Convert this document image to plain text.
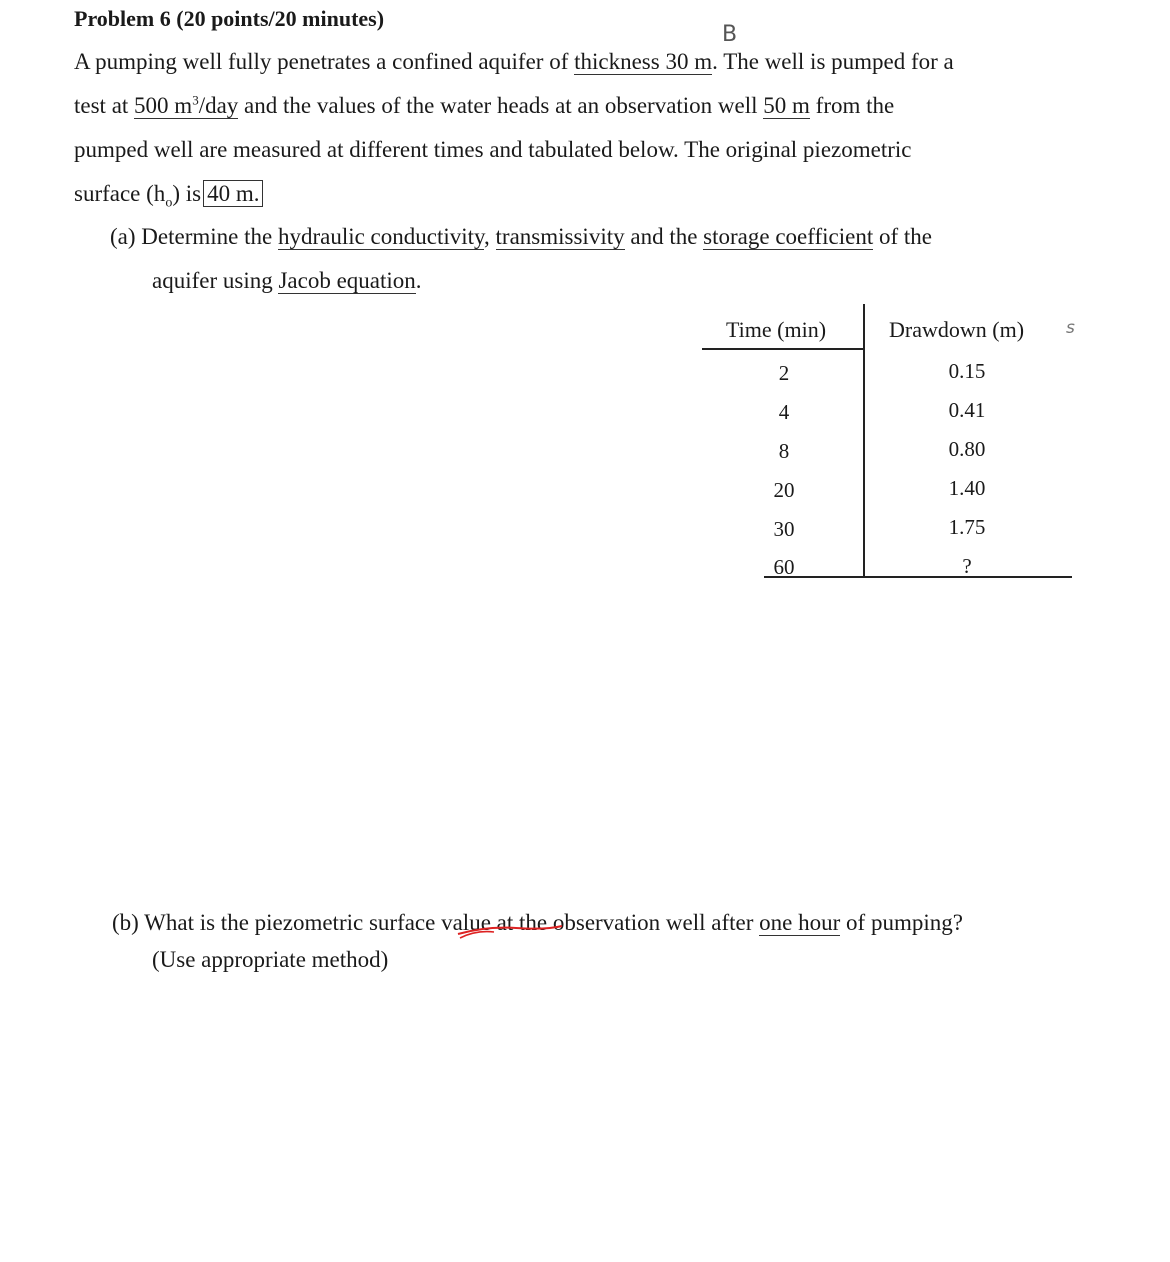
Problem 6 (20 points/20 minutes)
B
A pumping well fully penetrates a confined aquifer of thickness 30 m. The well is pumped for a
test at 500 $m^3$/day and the values of the water heads at an observation well 50 m from the
pumped well are measured at different times and tabulated below. The original piezometric
surface $(h_o)$ is 40 m.
(a) Determine the hydraulic conductivity, transmissivity and the storage coefficient of the
aquifer using Jacob equation.
Time (min)	Drawdown (m)
2	0.15
4	0.41
8	0.80
20	1.40
30	1.75
60	?
s
(b) What is the piezometric surface value at the observation well after one hour of pumping?
(Use appropriate method)
